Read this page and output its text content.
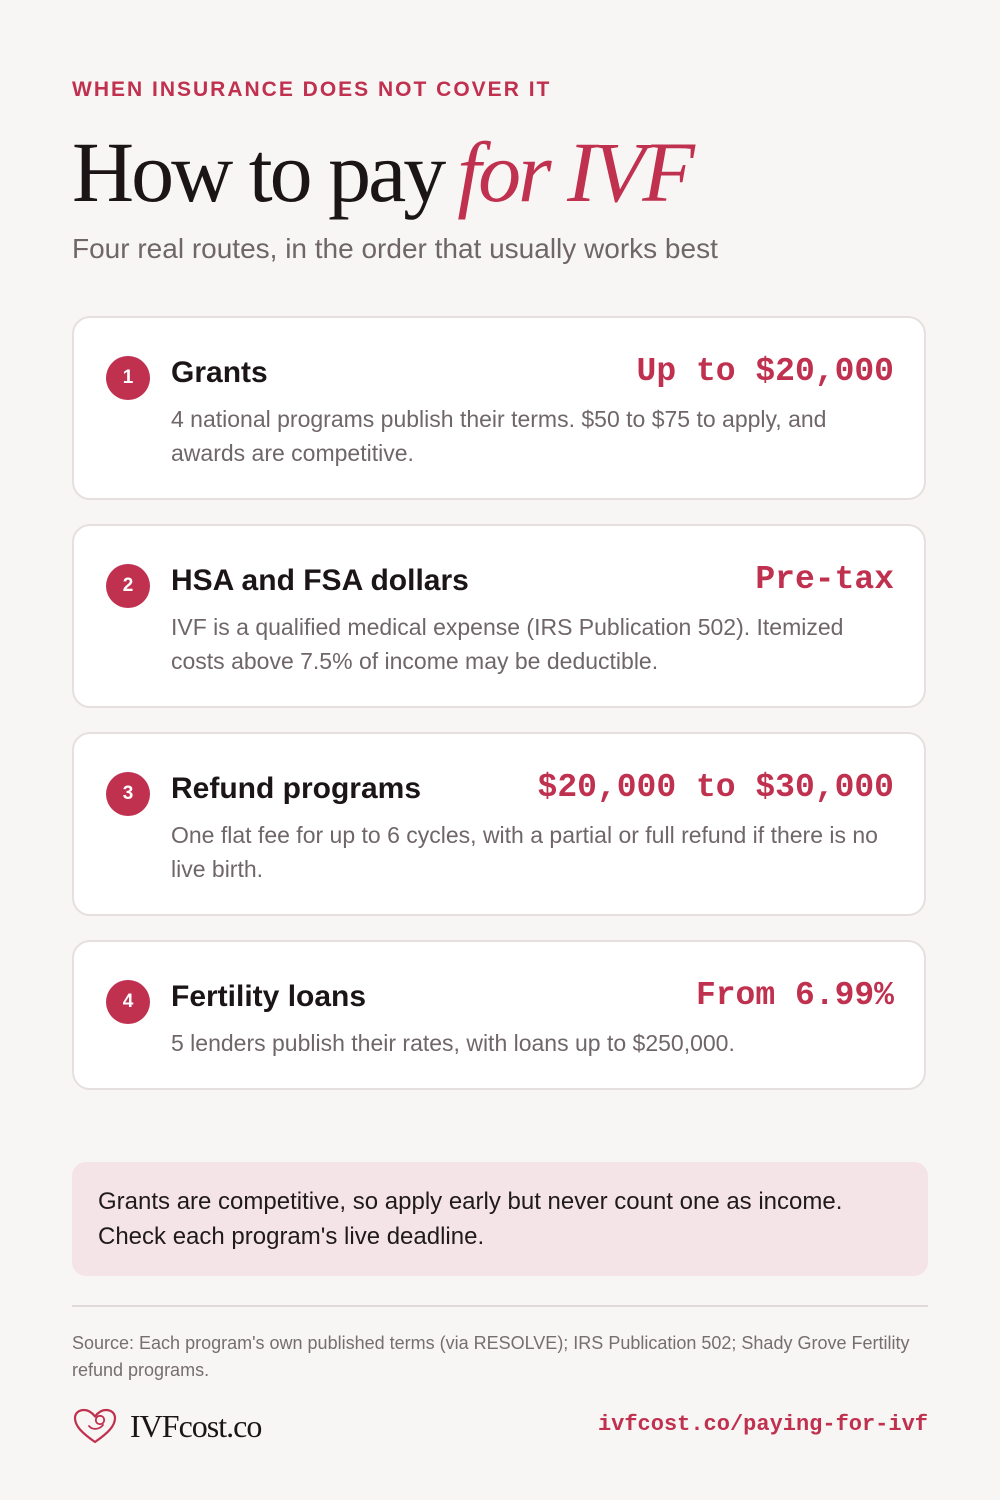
WHEN INSURANCE DOES NOT COVER IT
How to pay for IVF
Four real routes, in the order that usually works best
1	Grants	Up to $20,000
4 national programs publish their terms. $50 to $75 to apply, and awards are competitive.
2	HSA and FSA dollars	Pre-tax
IVF is a qualified medical expense (IRS Publication 502). Itemized costs above 7.5% of income may be deductible.
3	Refund programs	$20,000 to $30,000
One flat fee for up to 6 cycles, with a partial or full refund if there is no live birth.
4	Fertility loans	From 6.99%
5 lenders publish their rates, with loans up to $250,000.
Grants are competitive, so apply early but never count one as income. Check each program's live deadline.
Source: Each program's own published terms (via RESOLVE); IRS Publication 502; Shady Grove Fertility refund programs.
IVFcost.co	ivfcost.co/paying-for-ivf
